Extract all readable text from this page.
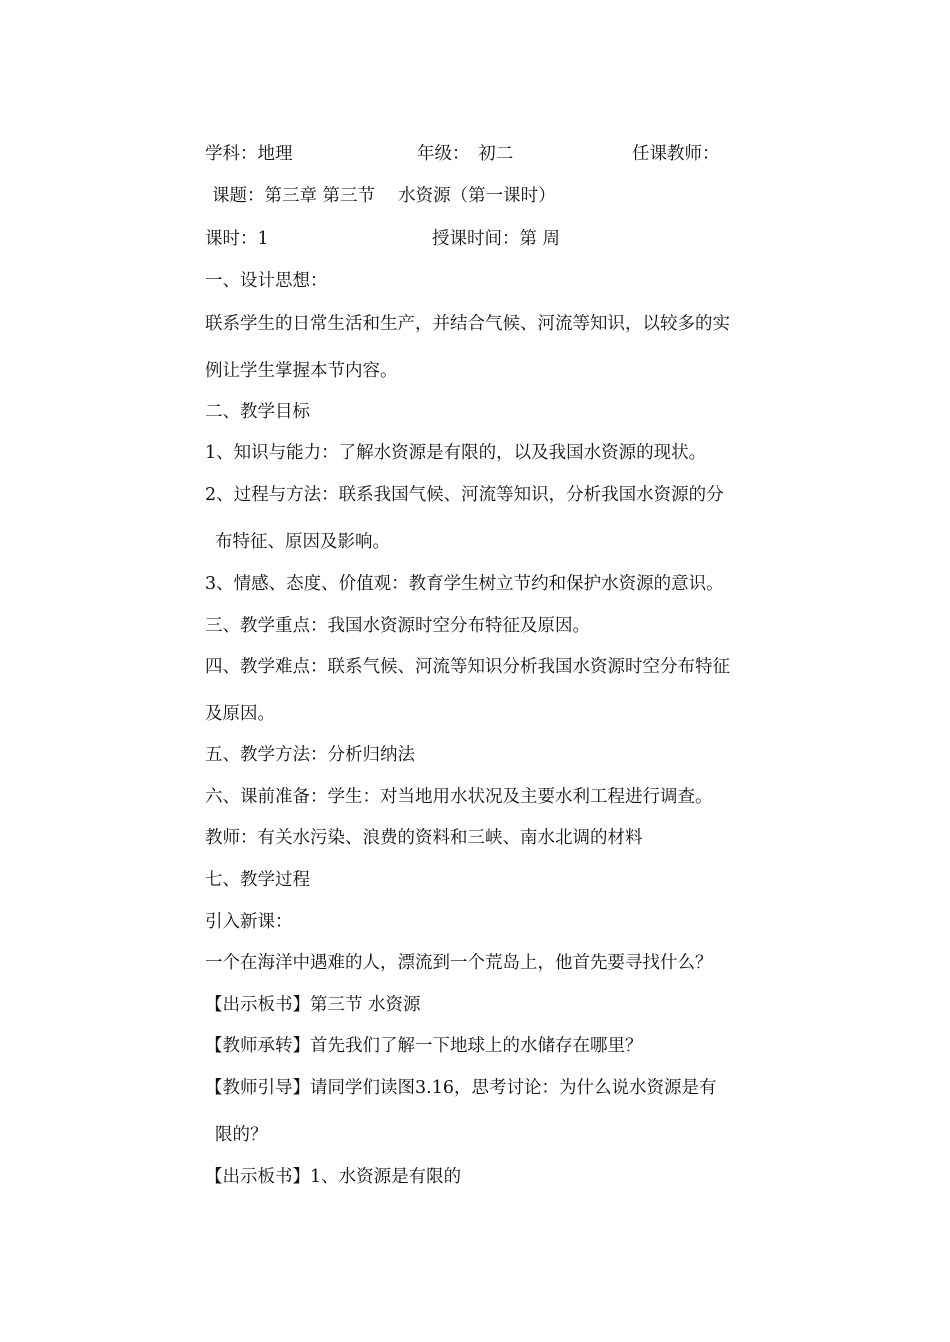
学科：地理	年级：　初二	任课教师：
课题：第三章 第三节　 水资源（第一课时）
课时：1	授课时间：第 周
一、设计思想：
联系学生的日常生活和生产，并结合气候、河流等知识，以较多的实
例让学生掌握本节内容。
二、教学目标
1、知识与能力：了解水资源是有限的，以及我国水资源的现状。
2、过程与方法：联系我国气候、河流等知识，分析我国水资源的分
布特征、原因及影响。
3、情感、态度、价值观：教育学生树立节约和保护水资源的意识。
三、教学重点：我国水资源时空分布特征及原因。
四、教学难点：联系气候、河流等知识分析我国水资源时空分布特征
及原因。
五、教学方法：分析归纳法
六、课前准备：学生：对当地用水状况及主要水利工程进行调查。
教师：有关水污染、浪费的资料和三峡、南水北调的材料
七、教学过程
引入新课：
一个在海洋中遇难的人，漂流到一个荒岛上，他首先要寻找什么？
【出示板书】第三节 水资源
【教师承转】首先我们了解一下地球上的水储存在哪里？
【教师引导】请同学们读图3.16，思考讨论：为什么说水资源是有
限的？
【出示板书】1、水资源是有限的
